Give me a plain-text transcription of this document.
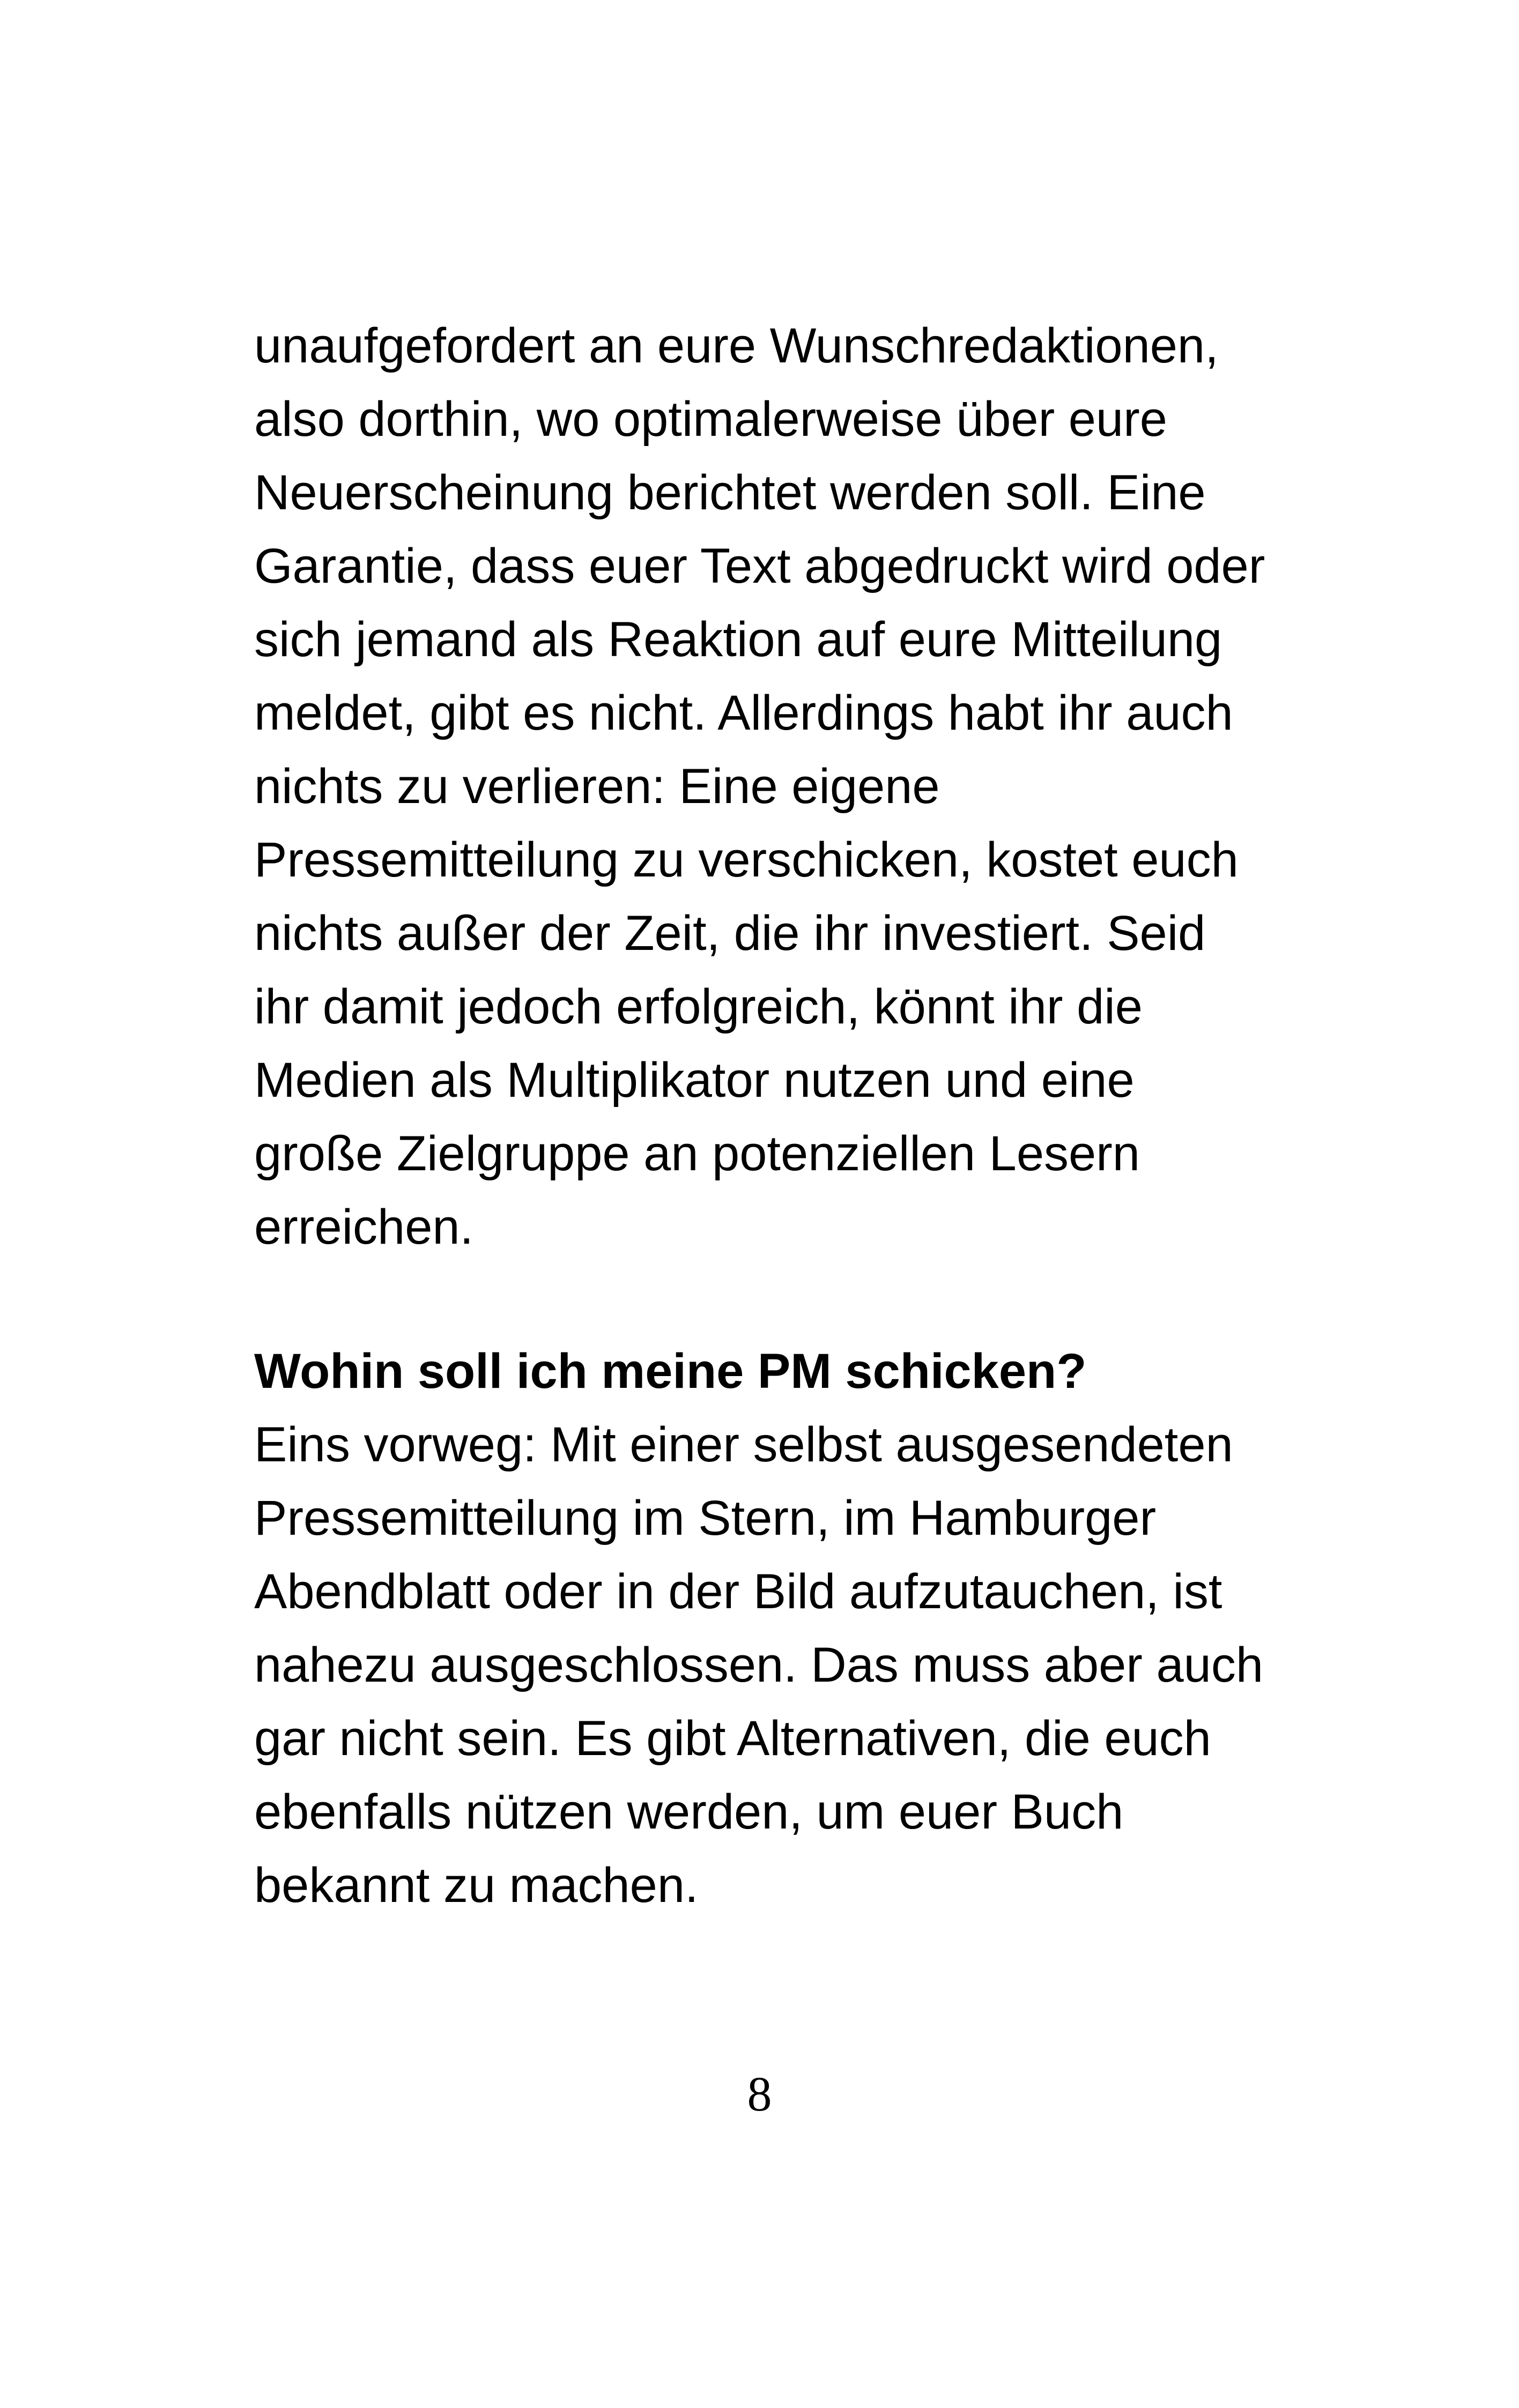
unaufgefordert an eure Wunschredaktionen,
also dorthin, wo optimalerweise über eure
Neuerscheinung berichtet werden soll. Eine
Garantie, dass euer Text abgedruckt wird oder
sich jemand als Reaktion auf eure Mitteilung
meldet, gibt es nicht. Allerdings habt ihr auch
nichts zu verlieren: Eine eigene
Pressemitteilung zu verschicken, kostet euch
nichts außer der Zeit, die ihr investiert. Seid
ihr damit jedoch erfolgreich, könnt ihr die
Medien als Multiplikator nutzen und eine
große Zielgruppe an potenziellen Lesern
erreichen.
Wohin soll ich meine PM schicken?
Eins vorweg: Mit einer selbst ausgesendeten
Pressemitteilung im Stern, im Hamburger
Abendblatt oder in der Bild aufzutauchen, ist
nahezu ausgeschlossen. Das muss aber auch
gar nicht sein. Es gibt Alternativen, die euch
ebenfalls nützen werden, um euer Buch
bekannt zu machen.
8
